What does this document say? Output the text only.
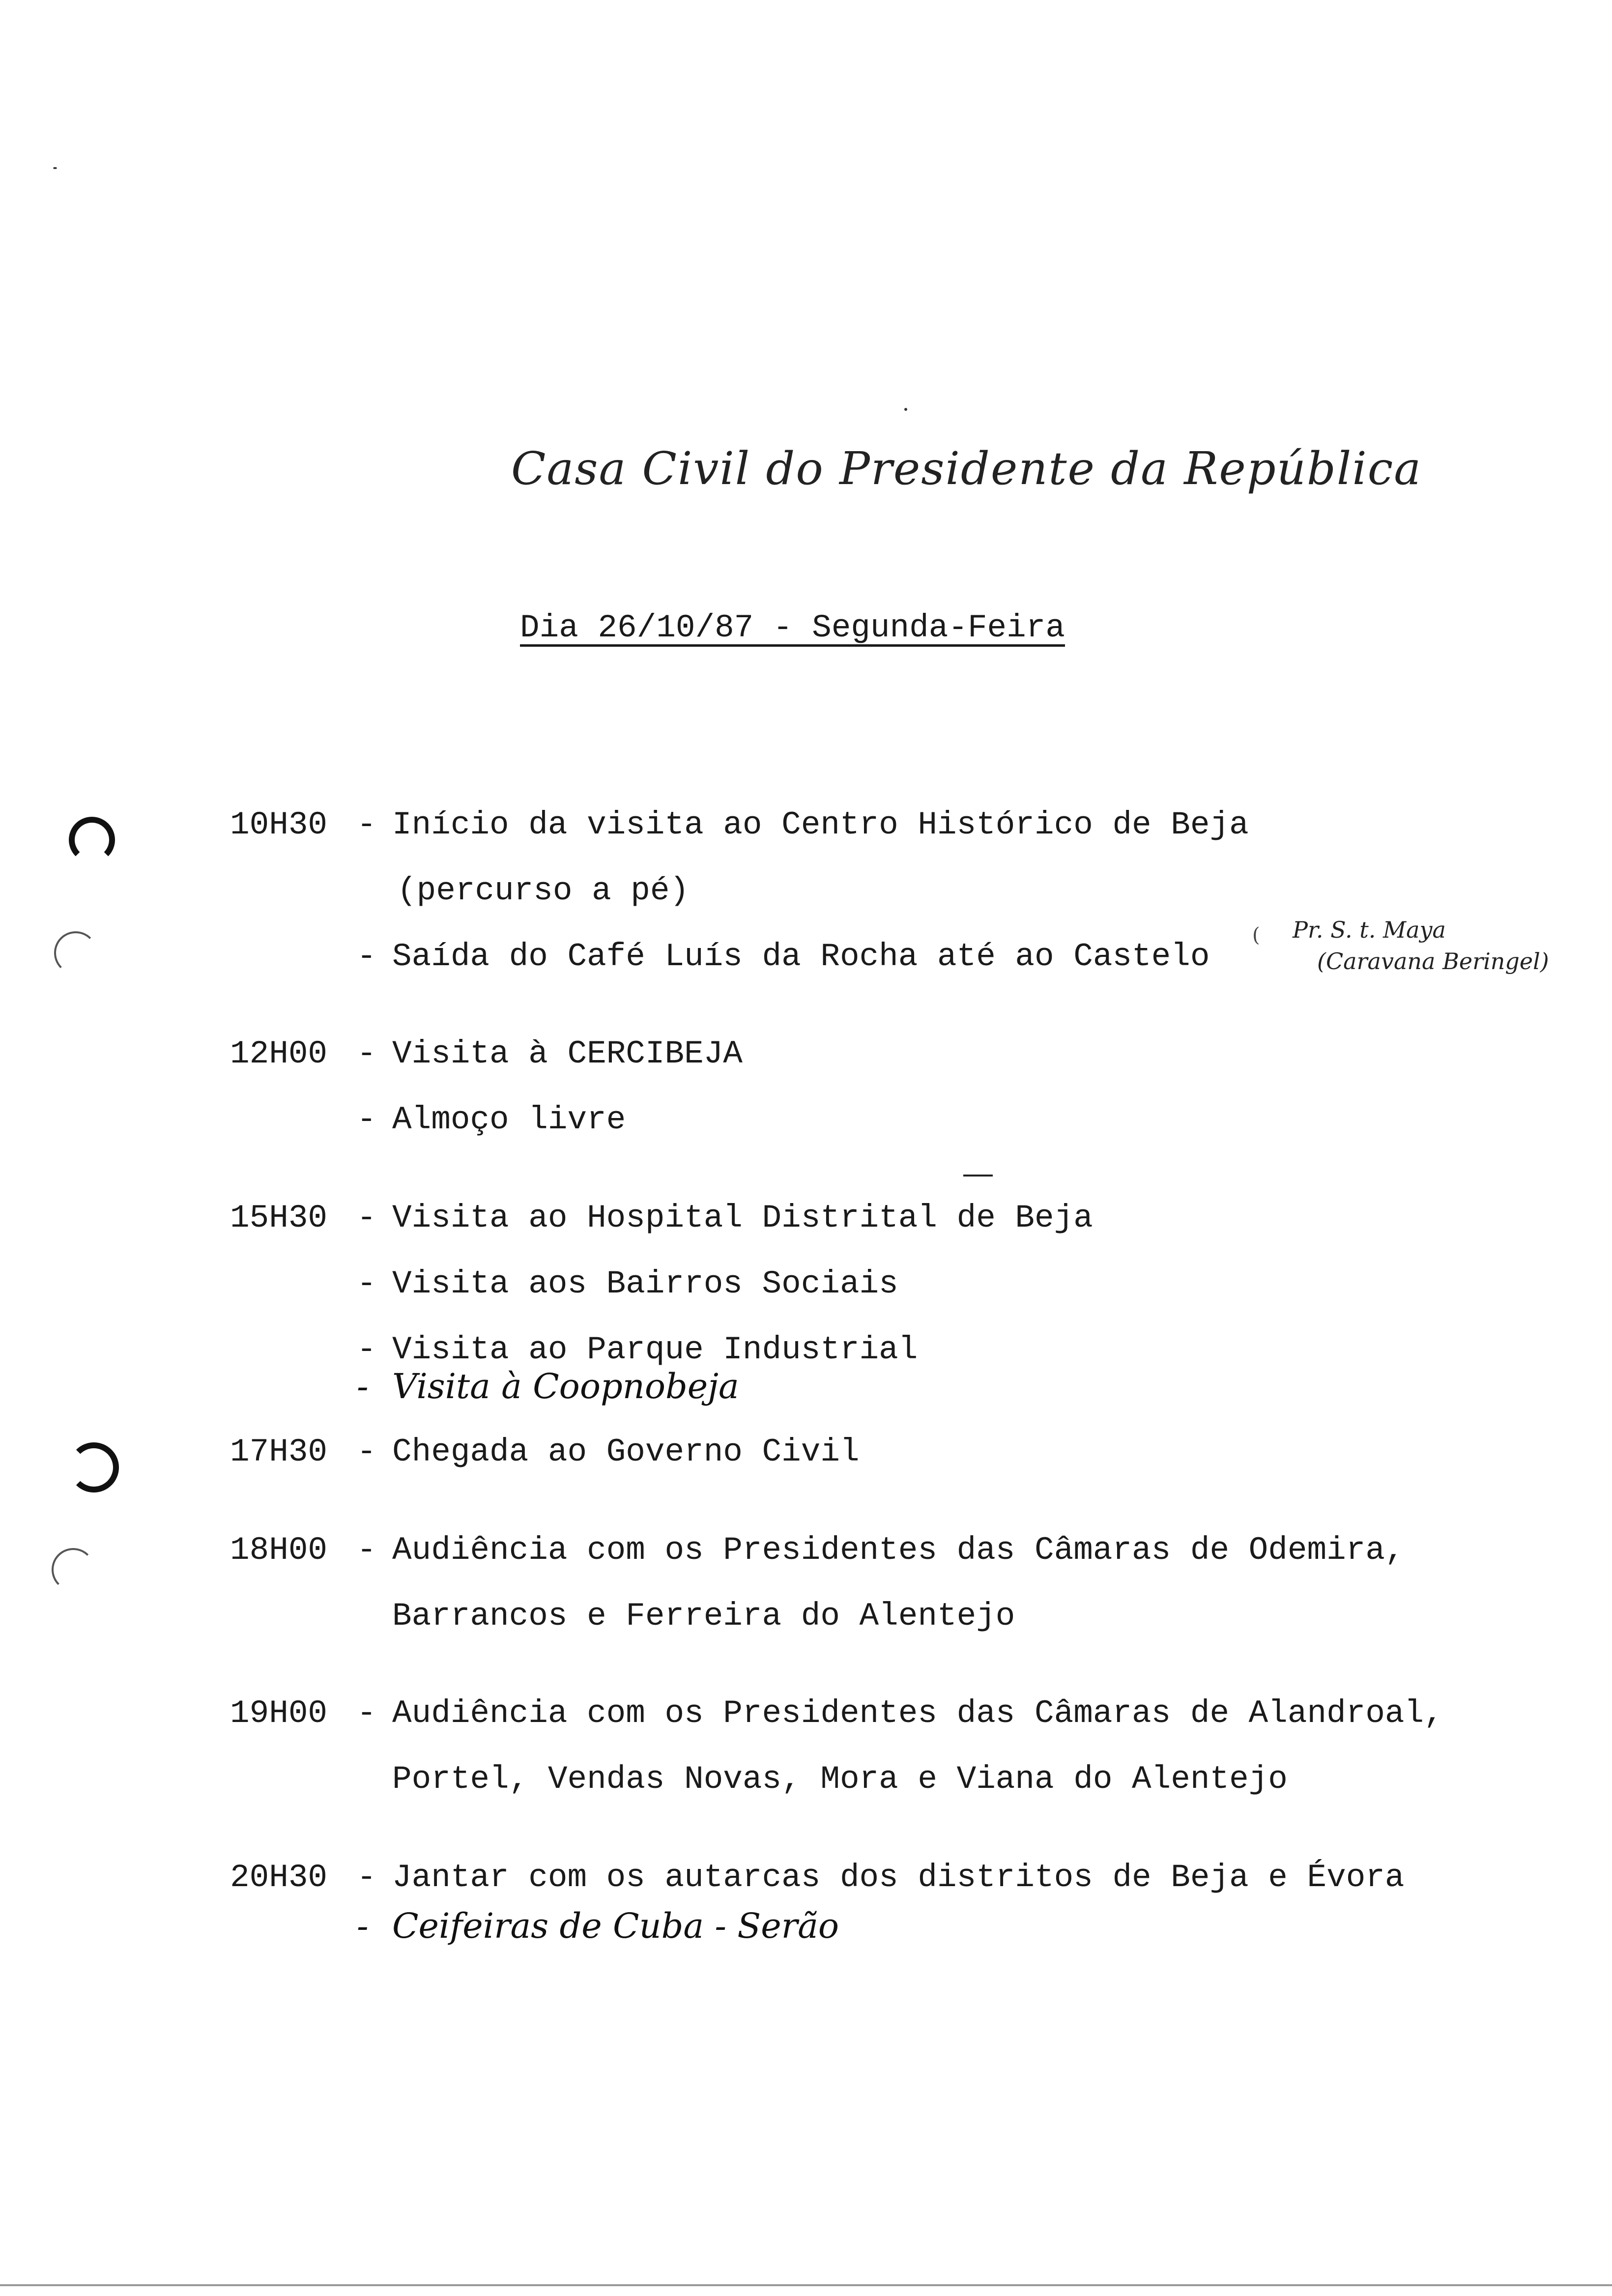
Casa Civil do Presidente da República
Dia 26/10/87 - Segunda-Feira
10H30 - Início da visita ao Centro Histórico de Beja
(percurso a pé)
- Saída do Café Luís da Rocha até ao Castelo
(	Pr. S. t. Maya
(Caravana Beringel)
12H00 - Visita à CERCIBEJA
- Almoço livre
15H30 - Visita ao Hospital Distrital de Beja
- Visita aos Bairros Sociais
- Visita ao Parque Industrial
- Visita à Coopnobeja
17H30 - Chegada ao Governo Civil
18H00 - Audiência com os Presidentes das Câmaras de Odemira,
Barrancos e Ferreira do Alentejo
19H00 - Audiência com os Presidentes das Câmaras de Alandroal,
Portel, Vendas Novas, Mora e Viana do Alentejo
20H30 - Jantar com os autarcas dos distritos de Beja e Évora
- Ceifeiras de Cuba - Serão
